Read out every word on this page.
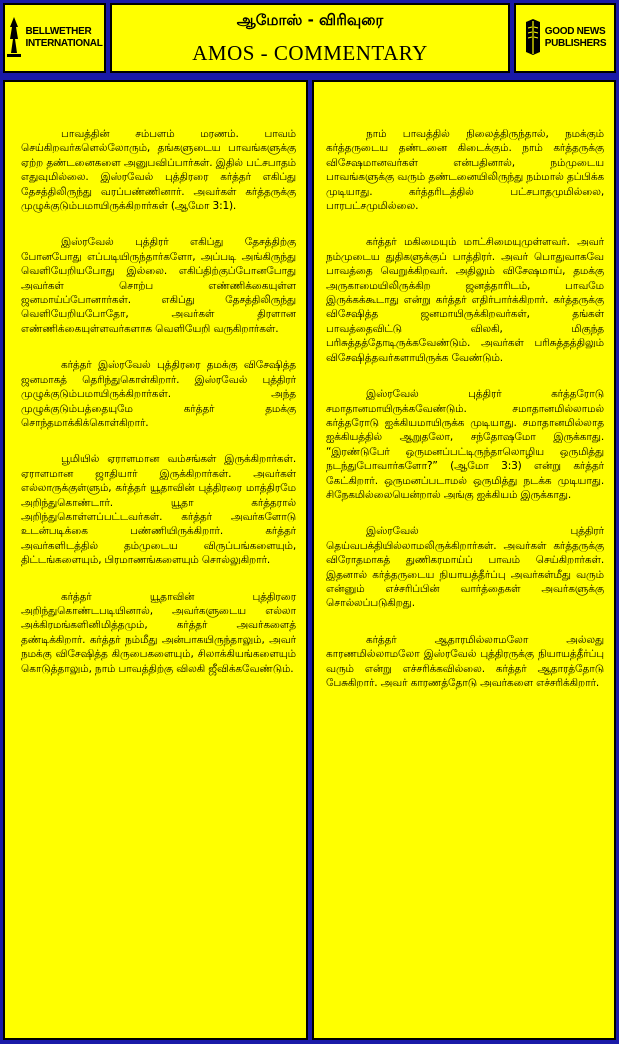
BELLWETHER
INTERNATIONAL
ஆமோஸ் - விரிவுரை
AMOS - COMMENTARY
GOOD NEWS
PUBLISHERS

பாவத்தின் சம்பளம் மரணம். பாவம் செய்கிறவர்களெல்லோரும், தங்களுடைய பாவங்களுக்கு ஏற்ற தண்டனைகளை அனுபவிப்பார்கள். இதில் பட்சபாதம் எதுவுமில்லை. இஸ்ரவேல் புத்திரரை கர்த்தர் எகிப்து தேசத்திலிருந்து வரப்பண்ணினார். அவர்கள் கர்த்தருக்கு முழுக்குடும்பமாயிருக்கிறார்கள் (ஆமோ 3:1).

இஸ்ரவேல் புத்திரர் எகிப்து தேசத்திற்கு போனபோது எப்படியிருந்தார்களோ, அப்படி அங்கிருந்து வெளியேறியபோது இல்லை. எகிப்திற்குப்போனபோது அவர்கள் சொற்ப எண்ணிக்கையுள்ள ஜனமாய்ப்போனார்கள். எகிப்து தேசத்திலிருந்து வெளியேறியபோதோ, அவர்கள் திரளான எண்ணிக்கையுள்ளவர்களாக வெளியேறி வருகிறார்கள்.

கர்த்தர் இஸ்ரவேல் புத்திரரை தமக்கு விசேஷித்த ஜனமாகத் தெரிந்துகொள்கிறார். இஸ்ரவேல் புத்திரர் முழுக்குடும்பமாயிருக்கிறார்கள். அந்த முழுக்குடும்பத்தையுமே கர்த்தர் தமக்கு சொந்தமாக்கிக்கொள்கிறார்.

பூமியில் ஏராளமான வம்சங்கள் இருக்கிறார்கள். ஏராளமான ஜாதியார் இருக்கிறார்கள். அவர்கள் எல்லாருக்குள்ளும், கர்த்தர் யூதாவின் புத்திரரை மாத்திரமே அறிந்துகொண்டார். யூதா கர்த்தரால் அறிந்துகொள்ளப்பட்டவர்கள். கர்த்தர் அவர்களோடு உடன்படிக்கை பண்ணியிருக்கிறார். கர்த்தர் அவர்களிடத்தில் தம்முடைய விருப்பங்களையும், திட்டங்களையும், பிரமாணங்களையும் சொல்லுகிறார்.

கர்த்தர் யூதாவின் புத்திரரை அறிந்துகொண்டபடியினால், அவர்களுடைய எல்லா அக்கிரமங்களினிமித்தமும், கர்த்தர் அவர்களைத் தண்டிக்கிறார். கர்த்தர் நம்மீது அன்பாகயிருந்தாலும், அவர் நமக்கு விசேஷித்த கிருபைகளையும், சிலாக்கியங்களையும் கொடுத்தாலும், நாம் பாவத்திற்கு விலகி ஜீவிக்கவேண்டும்.

நாம் பாவத்தில் நிலைத்திருந்தால், நமக்கும் கர்த்தருடைய தண்டனை கிடைக்கும். நாம் கர்த்தருக்கு விசேஷமானவர்கள் என்பதினால், நம்முடைய பாவங்களுக்கு வரும் தண்டனையிலிருந்து நம்மால் தப்பிக்க முடியாது. கர்த்தரிடத்தில் பட்சபாதமுமில்லை, பாரபட்சமுமில்லை.

கர்த்தர் மகிமையும் மாட்சிமையுமுள்ளவர். அவர் நம்முடைய துதிகளுக்குப் பாத்திரர். அவர் பொதுவாகவே பாவத்தை வெறுக்கிறவர். அதிலும் விசேஷமாய், தமக்கு அருகாமையிலிருக்கிற ஜனத்தாரிடம், பாவமே இருக்கக்கூடாது என்று கர்த்தர் எதிர்பார்க்கிறார். கர்த்தருக்கு விசேஷித்த ஜனமாயிருக்கிறவர்கள், தங்கள் பாவத்தைவிட்டு விலகி, மிகுந்த பரிசுத்தத்தோடிருக்கவேண்டும். அவர்கள் பரிசுத்தத்திலும் விசேஷித்தவர்களாயிருக்க வேண்டும்.

இஸ்ரவேல் புத்திரர் கர்த்தரோடு சமாதானமாயிருக்கவேண்டும். சமாதானமில்லாமல் கர்த்தரோடு ஐக்கியமாயிருக்க முடியாது. சமாதானமில்லாத ஐக்கியத்தில் ஆறுதலோ, சந்தோஷமோ இருக்காது. “இரண்டுபேர் ஒருமனப்பட்டிருந்தாலொழிய ஒருமித்து நடந்துபோவார்களோ?” (ஆமோ 3:3) என்று கர்த்தர் கேட்கிறார். ஒருமனப்படாமல் ஒருமித்து நடக்க முடியாது. சிநேகமில்லையென்றால் அங்கு ஐக்கியம் இருக்காது.

இஸ்ரவேல் புத்திரர் தெய்வபக்தியில்லாமலிருக்கிறார்கள். அவர்கள் கர்த்தருக்கு விரோதமாகத் துணிகரமாய்ப் பாவம் செய்கிறார்கள். இதனால் கர்த்தருடைய நியாயத்தீர்ப்பு அவர்கள்மீது வரும் என்னும் எச்சரிப்பின் வார்த்தைகள் அவர்களுக்கு சொல்லப்படுகிறது.

கர்த்தர் ஆதாரமில்லாமலோ அல்லது காரணமில்லாமலோ இஸ்ரவேல் புத்திரருக்கு நியாயத்தீர்ப்பு வரும் என்று எச்சரிக்கவில்லை. கர்த்தர் ஆதாரத்தோடு பேசுகிறார். அவர் காரணத்தோடு அவர்களை எச்சரிக்கிறார்.
